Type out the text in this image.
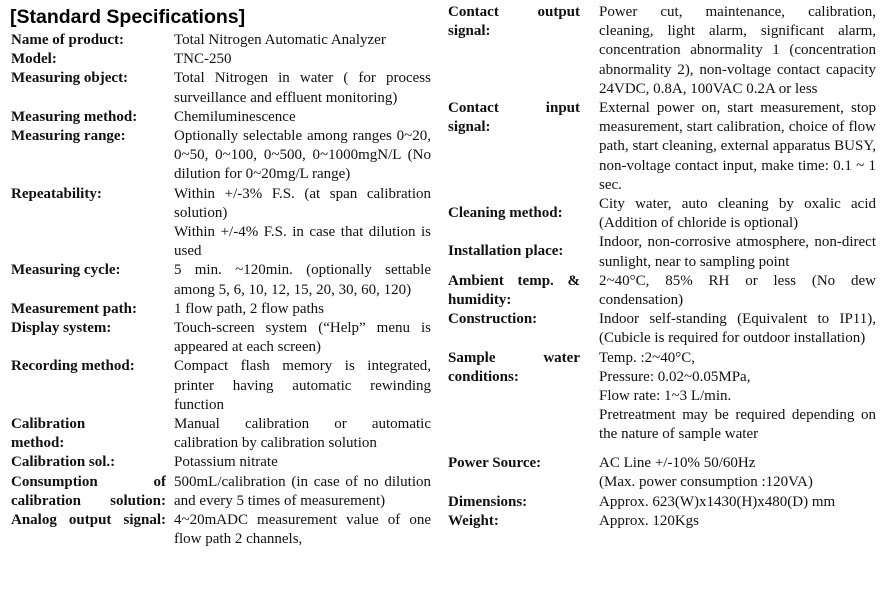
[Standard Specifications]
Name of product:	Total Nitrogen Automatic Analyzer
Model:	TNC-250
Measuring object:	Total Nitrogen in water ( for process surveillance and effluent monitoring)
Measuring method:	Chemiluminescence
Measuring range:	Optionally selectable among ranges 0~20, 0~50, 0~100, 0~500, 0~1000mgN/L (No dilution for 0~20mg/L range)
Repeatability:	Within +/-3% F.S. (at span calibration solution)
Within +/-4% F.S. in case that dilution is used
Measuring cycle:	5 min. ~120min. (optionally settable among 5, 6, 10, 12, 15, 20, 30, 60, 120)
Measurement path:	1 flow path, 2 flow paths
Display system:	Touch-screen system (“Help” menu is appeared at each screen)
Recording method:	Compact flash memory is integrated, printer having automatic rewinding function
Calibration method:
Manual calibration or automatic calibration by calibration solution
Calibration sol.:	Potassium nitrate
Consumption of calibration solution:
500mL/calibration (in case of no dilution and every 5 times of measurement)
Analog output signal: 4~20mADC measurement value of one flow path 2 channels,
Contact output signal:
Power cut, maintenance, calibration, cleaning, light alarm, significant alarm, concentration abnormality 1 (concentration abnormality 2), non-voltage contact capacity 24VDC, 0.8A, 100VAC 0.2A or less
Contact input signal:
External power on, start measurement, stop measurement, start calibration, choice of flow path, start cleaning, external apparatus BUSY, non-voltage contact input, make time: 0.1 ~ 1 sec.
Cleaning method:
City water, auto cleaning by oxalic acid (Addition of chloride is optional)
Installation place:
Indoor, non-corrosive atmosphere, non-direct sunlight, near to sampling point
Ambient temp. & humidity:
2~40°C, 85% RH or less (No dew condensation)
Construction:	Indoor self-standing (Equivalent to IP11), (Cubicle is required for outdoor installation)
Sample water conditions:
Temp. :2~40°C,
Pressure: 0.02~0.05MPa,
Flow rate: 1~3 L/min.
Pretreatment may be required depending on the nature of sample water
Power Source:	AC Line +/-10% 50/60Hz
(Max. power consumption :120VA)
Dimensions:	Approx. 623(W)x1430(H)x480(D) mm
Weight:	Approx. 120Kgs
